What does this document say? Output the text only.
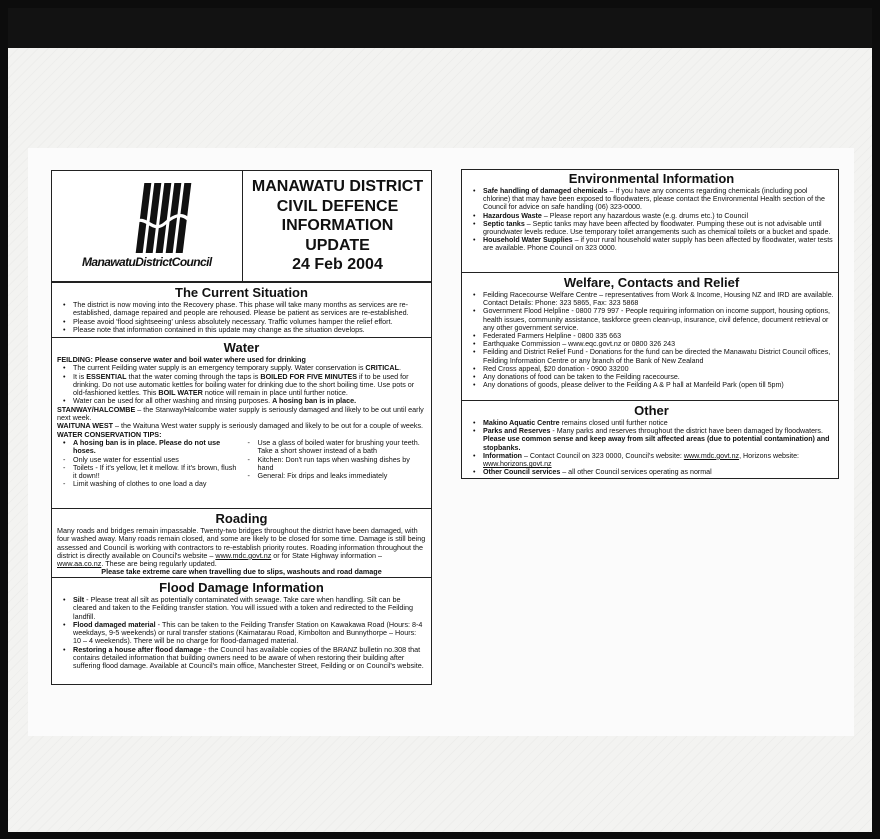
ManawatuDistrictCouncil
MANAWATU DISTRICT
CIVIL DEFENCE
INFORMATION
UPDATE
24 Feb 2004
The Current Situation
• The district is now moving into the Recovery phase. This phase will take many months as services are re-established, damage repaired and people are rehoused. Please be patient as services are re-established.
• Please avoid 'flood sightseeing' unless absolutely necessary. Traffic volumes hamper the relief effort.
• Please note that information contained in this update may change as the situation develops.
Water

FEILDING: Please conserve water and boil water where used for drinking

• The current Feilding water supply is an emergency temporary supply. Water conservation is CRITICAL.
• It is ESSENTIAL that the water coming through the taps is BOILED FOR FIVE MINUTES if to be used for drinking. Do not use automatic kettles for boiling water for drinking due to the short boiling time. Use pots or old-fashioned kettles. This BOIL WATER notice will remain in place until further notice.
• Water can be used for all other washing and rinsing purposes. A hosing ban is in place.

STANWAY/HALCOMBE – the Stanway/Halcombe water supply is seriously damaged and likely to be out until early next week.

WAITUNA WEST – the Waituna West water supply is seriously damaged and likely to be out for a couple of weeks.

WATER CONSERVATION TIPS:

• A hosing ban is in place. Please do not use hoses.
- Only use water for essential uses
- Toilets - If it's yellow, let it mellow. If it's brown, flush it down!!
- Limit washing of clothes to one load a day
- Use a glass of boiled water for brushing your teeth. Take a short shower instead of a bath
- Kitchen: Don't run taps when washing dishes by hand
- General: Fix drips and leaks immediately
Roading

Many roads and bridges remain impassable. Twenty-two bridges throughout the district have been damaged, with four washed away. Many roads remain closed, and some are likely to be closed for some time. Damage is still being assessed and Council is working with contractors to re-establish priority routes. Roading information throughout the district is directly available on Council's website – www.mdc.govt.nz or for State Highway information – www.aa.co.nz. These are being regularly updated.

Please take extreme care when travelling due to slips, washouts and road damage

Flood Damage Information
• Silt - Please treat all silt as potentially contaminated with sewage. Take care when handling. Silt can be cleared and taken to the Feilding transfer station. You will issued with a token and redirected to the Feilding landfill.
• Flood damaged material - This can be taken to the Feilding Transfer Station on Kawakawa Road (Hours: 8-4 weekdays, 9-5 weekends) or rural transfer stations (Kaimatarau Road, Kimbolton and Bunnythorpe – Hours: 10 – 4 weekends). There will be no charge for flood-damaged material.
• Restoring a house after flood damage - the Council has available copies of the BRANZ bulletin no.308 that contains detailed information that building owners need to be aware of when restoring their building after suffering flood damage. Available at Council's main office, Manchester Street, Feilding or on Council's website.
Environmental Information
• Safe handling of damaged chemicals – If you have any concerns regarding chemicals (including pool chlorine) that may have been exposed to floodwaters, please contact the Environmental Health section of the Council for advice on safe handling (06) 323-0000.
• Hazardous Waste – Please report any hazardous waste (e.g. drums etc.) to Council
• Septic tanks – Septic tanks may have been affected by floodwater. Pumping these out is not advisable until groundwater levels reduce. Use temporary toilet arrangements such as chemical toilets or a bucket and spade.
• Household Water Supplies – if your rural household water supply has been affected by floodwater, water tests are available. Phone Council on 323 0000.
Welfare, Contacts and Relief
• Feilding Racecourse Welfare Centre – representatives from Work & Income, Housing NZ and IRD are available. Contact Details: Phone: 323 5865, Fax: 323 5868
• Government Flood Helpline - 0800 779 997 - People requiring information on income support, housing options, health issues, community assistance, taskforce green clean-up, insurance, civil defence, document retrieval or any other government service.
• Federated Farmers Helpline - 0800 335 663
• Earthquake Commission – www.eqc.govt.nz or 0800 326 243
• Feilding and District Relief Fund - Donations for the fund can be directed the Manawatu District Council offices, Feilding Information Centre or any branch of the Bank of New Zealand
• Red Cross appeal, $20 donation - 0900 33200
• Any donations of food can be taken to the Feilding racecourse.
• Any donations of goods, please deliver to the Feilding A & P hall at Manfeild Park (open till 5pm)
Other
• Makino Aquatic Centre remains closed until further notice
• Parks and Reserves - Many parks and reserves throughout the district have been damaged by floodwaters. Please use common sense and keep away from silt affected areas (due to potential contamination) and stopbanks.
• Information – Contact Council on 323 0000, Council's website: www.mdc.govt.nz, Horizons website: www.horizons.govt.nz
• Other Council services – all other Council services operating as normal
